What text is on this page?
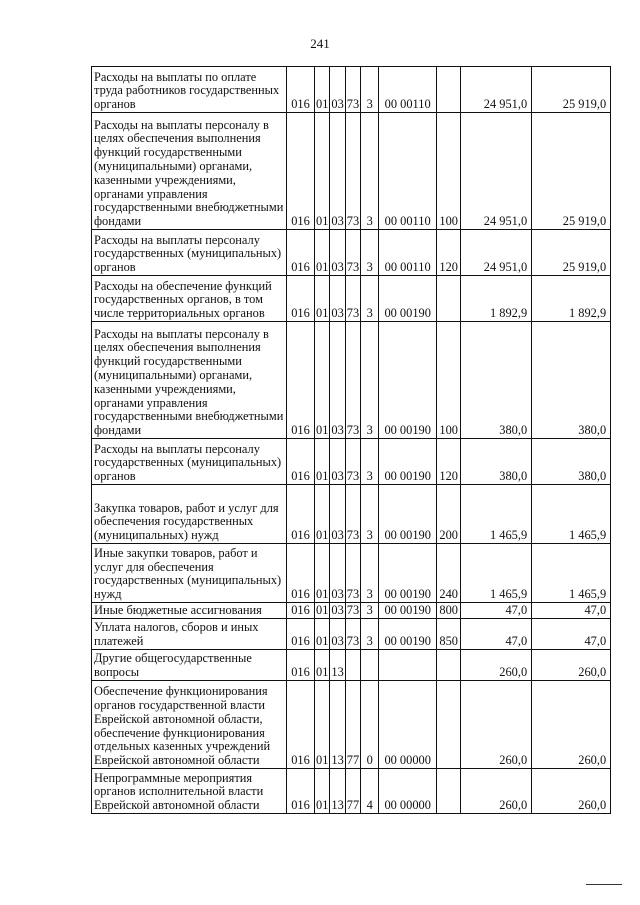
241
Расходы на выплаты по оплате труда работников государственных органов	016	01	03	73	3	00 00110		24 951,0	25 919,0
Расходы на выплаты персоналу в целях обеспечения выполнения функций государственными (муниципальными) органами, казенными учреждениями, органами управления государственными внебюджетными фондами	016	01	03	73	3	00 00110	100	24 951,0	25 919,0
Расходы на выплаты персоналу государственных (муниципальных) органов	016	01	03	73	3	00 00110	120	24 951,0	25 919,0
Расходы на обеспечение функций государственных органов, в том числе территориальных органов	016	01	03	73	3	00 00190		1 892,9	1 892,9
Расходы на выплаты персоналу в целях обеспечения выполнения функций государственными (муниципальными) органами, казенными учреждениями, органами управления государственными внебюджетными фондами	016	01	03	73	3	00 00190	100	380,0	380,0
Расходы на выплаты персоналу государственных (муниципальных) органов	016	01	03	73	3	00 00190	120	380,0	380,0
Закупка товаров, работ и услуг для обеспечения государственных (муниципальных) нужд	016	01	03	73	3	00 00190	200	1 465,9	1 465,9
Иные закупки товаров, работ и услуг для обеспечения государственных (муниципальных) нужд	016	01	03	73	3	00 00190	240	1 465,9	1 465,9
Иные бюджетные ассигнования	016	01	03	73	3	00 00190	800	47,0	47,0
Уплата налогов, сборов и иных платежей	016	01	03	73	3	00 00190	850	47,0	47,0
Другие общегосударственные вопросы	016	01	13					260,0	260,0
Обеспечение функционирования органов государственной власти Еврейской автономной области, обеспечение функционирования отдельных казенных учреждений Еврейской автономной области	016	01	13	77	0	00 00000		260,0	260,0
Непрограммные мероприятия органов исполнительной власти Еврейской автономной области	016	01	13	77	4	00 00000		260,0	260,0
